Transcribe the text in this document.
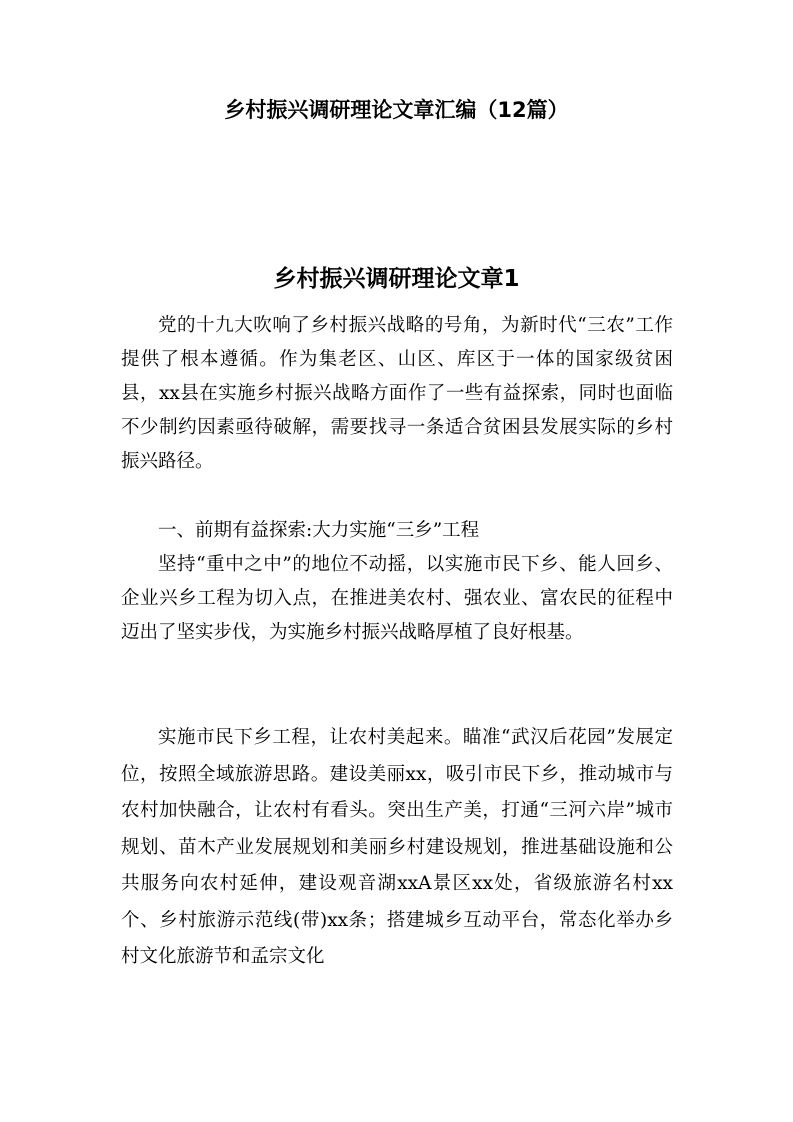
乡村振兴调研理论文章汇编（12篇）
乡村振兴调研理论文章1

党的十九大吹响了乡村振兴战略的号角，为新时代“三农”工作提供了根本遵循。作为集老区、山区、库区于一体的国家级贫困县，xx县在实施乡村振兴战略方面作了一些有益探索，同时也面临不少制约因素亟待破解，需要找寻一条适合贫困县发展实际的乡村振兴路径。

一、前期有益探索:大力实施“三乡”工程

坚持“重中之中”的地位不动摇，以实施市民下乡、能人回乡、企业兴乡工程为切入点，在推进美农村、强农业、富农民的征程中迈出了坚实步伐，为实施乡村振兴战略厚植了良好根基。

实施市民下乡工程，让农村美起来。瞄准“武汉后花园”发展定位，按照全域旅游思路。建设美丽xx，吸引市民下乡，推动城市与农村加快融合，让农村有看头。突出生产美，打通“三河六岸”城市规划、苗木产业发展规划和美丽乡村建设规划，推进基础设施和公共服务向农村延伸，建设观音湖xxA景区xx处，省级旅游名村xx个、乡村旅游示范线(带)xx条；搭建城乡互动平台，常态化举办乡村文化旅游节和孟宗文化
